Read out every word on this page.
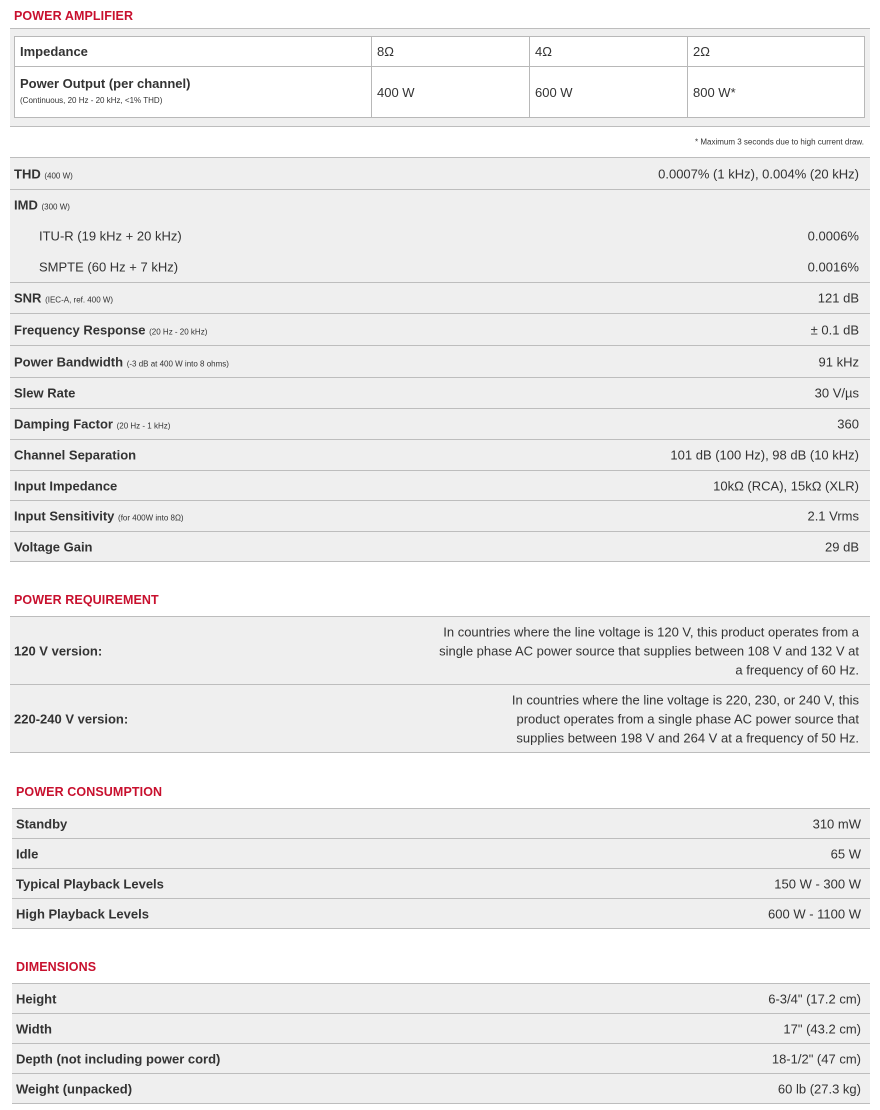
POWER AMPLIFIER
Impedance	8Ω	4Ω	2Ω

Power Output (per channel)
(Continuous, 20 Hz - 20 kHz, <1% THD)	400 W	600 W	800 W*
* Maximum 3 seconds due to high current draw.
THD (400 W)	0.0007% (1 kHz), 0.004% (20 kHz)
IMD (300 W)
ITU-R (19 kHz + 20 kHz)	0.0006%
SMPTE (60 Hz + 7 kHz)	0.0016%
SNR (IEC-A, ref. 400 W)	121 dB
Frequency Response (20 Hz - 20 kHz)	± 0.1 dB
Power Bandwidth (-3 dB at 400 W into 8 ohms)	91 kHz
Slew Rate	30 V/µs
Damping Factor (20 Hz - 1 kHz)	360
Channel Separation	101 dB (100 Hz), 98 dB (10 kHz)
Input Impedance	10kΩ (RCA), 15kΩ (XLR)
Input Sensitivity (for 400W into 8Ω)	2.1 Vrms
Voltage Gain	29 dB
POWER REQUIREMENT
120 V version:
In countries where the line voltage is 120 V, this product operates from a single phase AC power source that supplies between 108 V and 132 V at a frequency of 60 Hz.
220-240 V version:
In countries where the line voltage is 220, 230, or 240 V, this product operates from a single phase AC power source that supplies between 198 V and 264 V at a frequency of 50 Hz.
POWER CONSUMPTION
Standby	310 mW
Idle	65 W
Typical Playback Levels	150 W - 300 W
High Playback Levels	600 W - 1100 W
DIMENSIONS
Height	6-3/4" (17.2 cm)
Width	17" (43.2 cm)
Depth (not including power cord)	18-1/2" (47 cm)
Weight (unpacked)	60 lb (27.3 kg)
